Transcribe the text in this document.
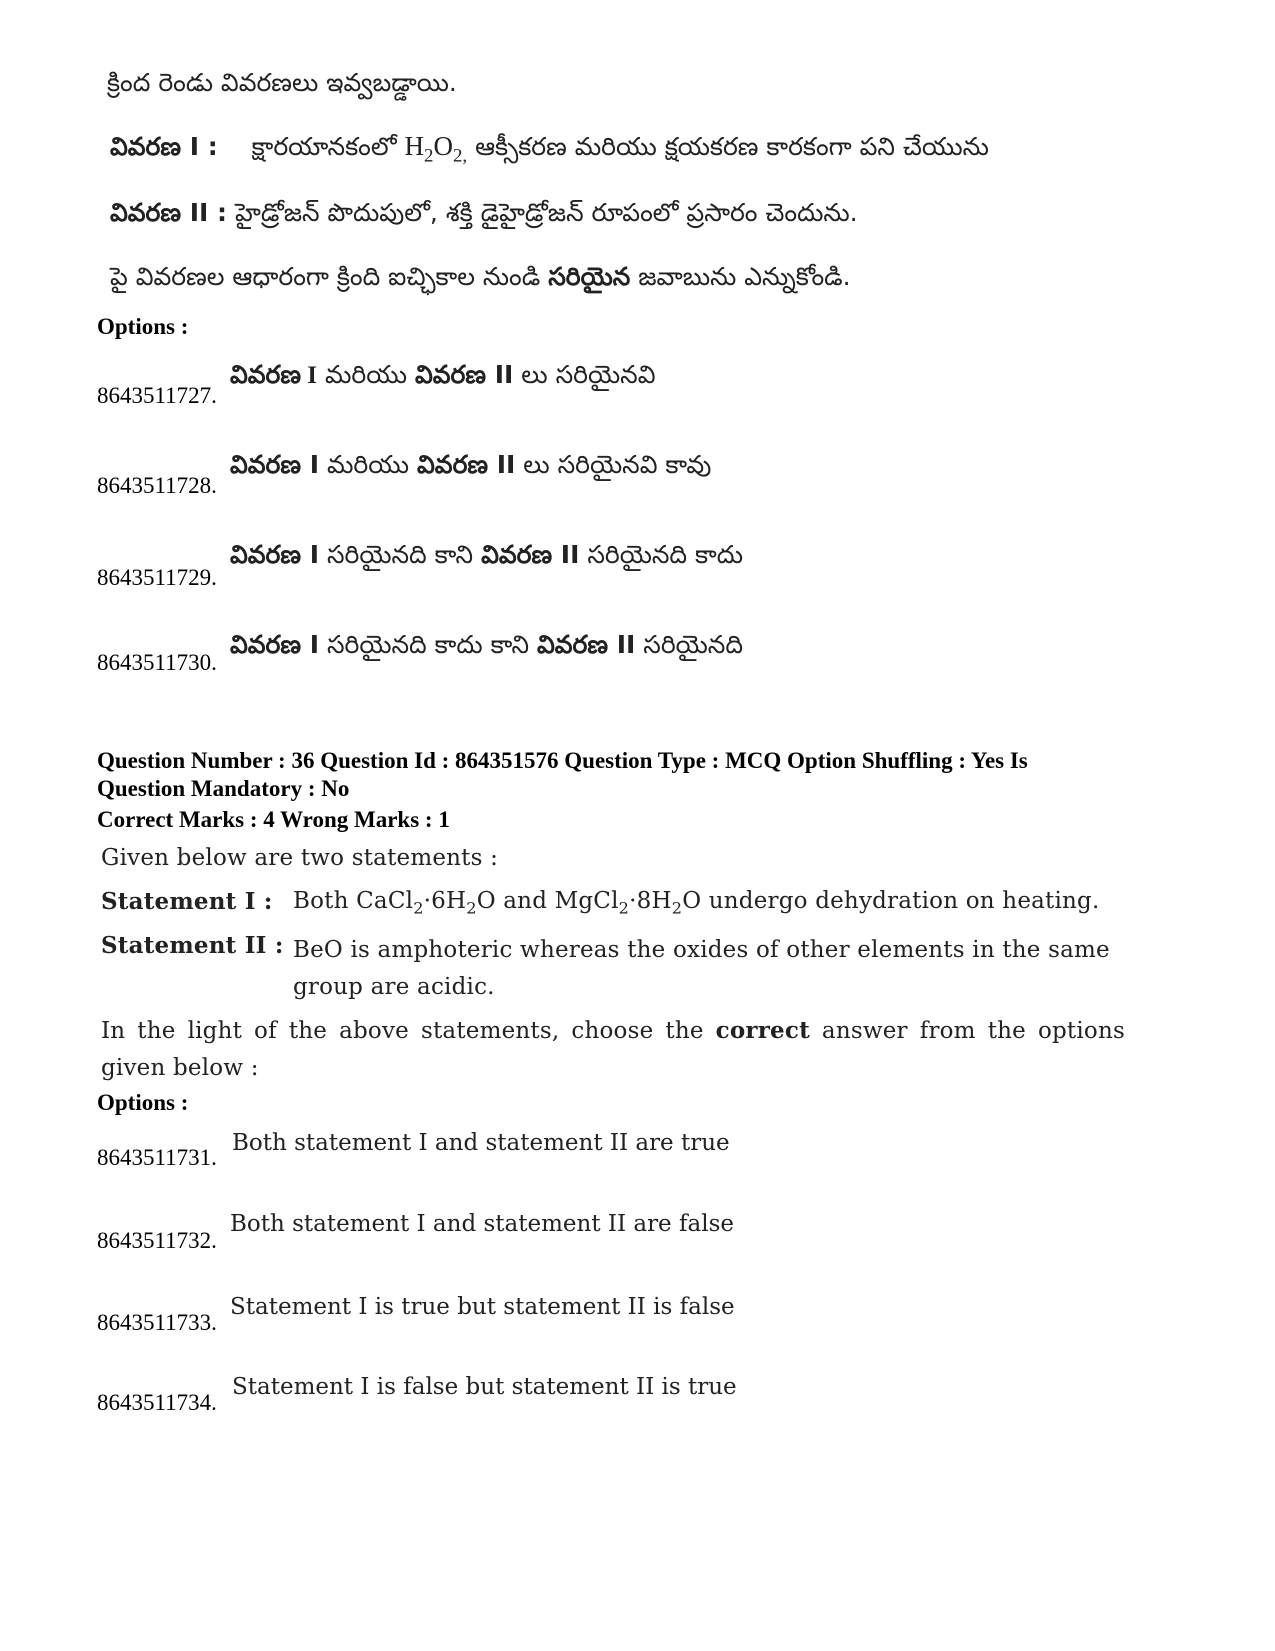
క్రింద రెండు వివరణలు ఇవ్వబడ్డాయి.
వివరణ I : క్షారయానకంలో $H_2O_{2,}$ ఆక్సీకరణ మరియు క్షయకరణ కారకంగా పని చేయును
వివరణ II : హైడ్రోజన్ పొదుపులో, శక్తి డైహైడ్రోజన్ రూపంలో ప్రసారం చెందును.
పై వివరణల ఆధారంగా క్రింది ఐచ్ఛికాల నుండి సరియైన జవాబును ఎన్నుకోండి.
Options :
8643511727.
వివరణ I మరియు వివరణ II లు సరియైనవి
8643511728.
వివరణ I మరియు వివరణ II లు సరియైనవి కావు
8643511729.
వివరణ I సరియైనది కాని వివరణ II సరియైనది కాదు
8643511730.
వివరణ I సరియైనది కాదు కాని వివరణ II సరియైనది
Question Number : 36 Question Id : 864351576 Question Type : MCQ Option Shuffling : Yes Is
Question Mandatory : No
Correct Marks : 4 Wrong Marks : 1
Given below are two statements :
Statement I : Both $CaCl_2\cdot 6H_2O$ and $MgCl_2\cdot 8H_2O$ undergo dehydration on heating.
Statement II : BeO is amphoteric whereas the oxides of other elements in the same group are acidic.
In the light of the above statements, choose the correct answer from the options given below :
Options :
8643511731.
Both statement I and statement II are true
8643511732.
Both statement I and statement II are false
8643511733.
Statement I is true but statement II is false
8643511734.
Statement I is false but statement II is true
